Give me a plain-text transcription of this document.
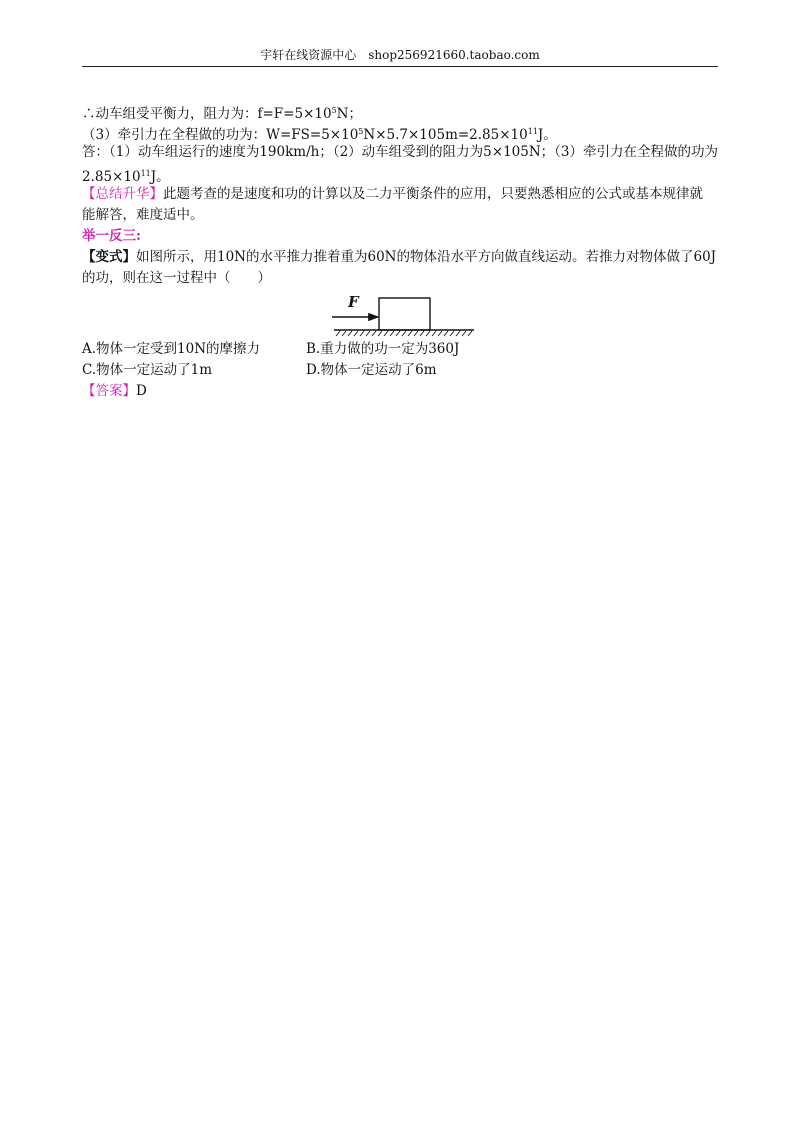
宇轩在线资源中心　shop256921660.taobao.com
∴动车组受平衡力，阻力为：$f=F=5\times 10^5N$；
（3）牵引力在全程做的功为：$W=FS=5\times 10^5N\times 5.7\times 105m=2.85\times 10^{11}J$。
答：（1）动车组运行的速度为190km/h；（2）动车组受到的阻力为5×105N；（3）牵引力在全程做的功为
$2.85\times 10^{11}J$。
【总结升华】此题考查的是速度和功的计算以及二力平衡条件的应用，只要熟悉相应的公式或基本规律就
能解答，难度适中。
举一反三:
【变式】如图所示，用10N的水平推力推着重为60N的物体沿水平方向做直线运动。若推力对物体做了60J
的功，则在这一过程中（　　）
F
A.物体一定受到10N的摩擦力	B.重力做的功一定为360J
C.物体一定运动了1m	D.物体一定运动了6m
【答案】D
